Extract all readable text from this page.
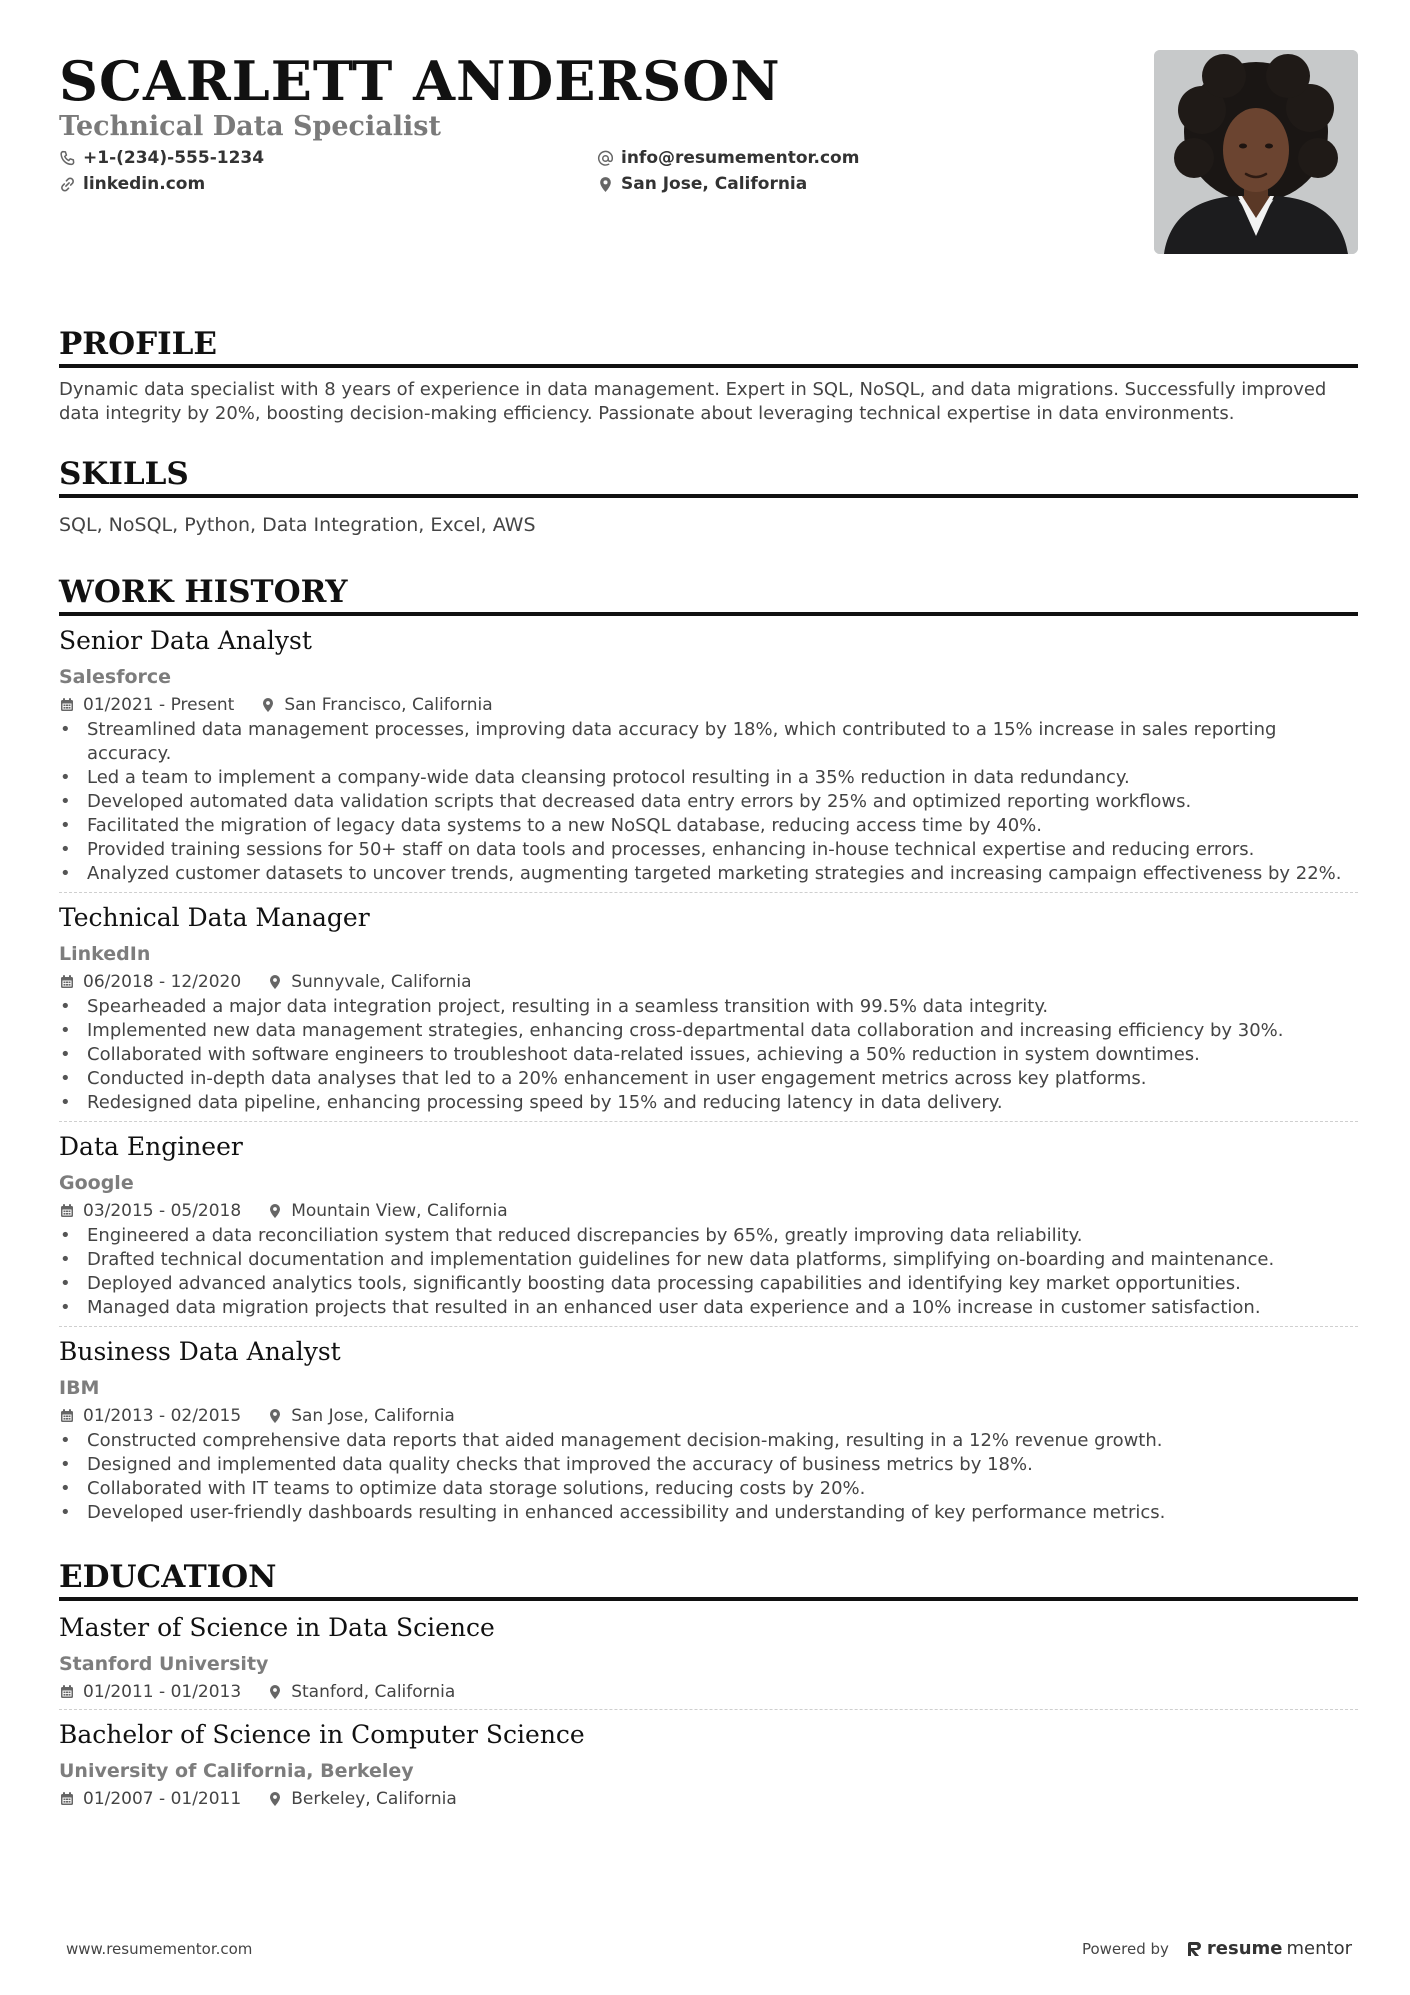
SCARLETT ANDERSON
Technical Data Specialist
+1-(234)-555-1234
linkedin.com
info@resumementor.com
San Jose, California
PROFILE

Dynamic data specialist with 8 years of experience in data management. Expert in SQL, NoSQL, and data migrations. Successfully improved data integrity by 20%, boosting decision-making efficiency. Passionate about leveraging technical expertise in data environments.

SKILLS

SQL, NoSQL, Python, Data Integration, Excel, AWS

WORK HISTORY
Senior Data Analyst
Salesforce
01/2021 - Present	San Francisco, California
• Streamlined data management processes, improving data accuracy by 18%, which contributed to a 15% increase in sales reporting accuracy.
• Led a team to implement a company-wide data cleansing protocol resulting in a 35% reduction in data redundancy.
• Developed automated data validation scripts that decreased data entry errors by 25% and optimized reporting workflows.
• Facilitated the migration of legacy data systems to a new NoSQL database, reducing access time by 40%.
• Provided training sessions for 50+ staff on data tools and processes, enhancing in-house technical expertise and reducing errors.
• Analyzed customer datasets to uncover trends, augmenting targeted marketing strategies and increasing campaign effectiveness by 22%.
Technical Data Manager
LinkedIn
06/2018 - 12/2020	Sunnyvale, California
• Spearheaded a major data integration project, resulting in a seamless transition with 99.5% data integrity.
• Implemented new data management strategies, enhancing cross-departmental data collaboration and increasing efficiency by 30%.
• Collaborated with software engineers to troubleshoot data-related issues, achieving a 50% reduction in system downtimes.
• Conducted in-depth data analyses that led to a 20% enhancement in user engagement metrics across key platforms.
• Redesigned data pipeline, enhancing processing speed by 15% and reducing latency in data delivery.
Data Engineer
Google
03/2015 - 05/2018	Mountain View, California
• Engineered a data reconciliation system that reduced discrepancies by 65%, greatly improving data reliability.
• Drafted technical documentation and implementation guidelines for new data platforms, simplifying on-boarding and maintenance.
• Deployed advanced analytics tools, significantly boosting data processing capabilities and identifying key market opportunities.
• Managed data migration projects that resulted in an enhanced user data experience and a 10% increase in customer satisfaction.
Business Data Analyst
IBM
01/2013 - 02/2015	San Jose, California
• Constructed comprehensive data reports that aided management decision-making, resulting in a 12% revenue growth.
• Designed and implemented data quality checks that improved the accuracy of business metrics by 18%.
• Collaborated with IT teams to optimize data storage solutions, reducing costs by 20%.
• Developed user-friendly dashboards resulting in enhanced accessibility and understanding of key performance metrics.
EDUCATION
Master of Science in Data Science
Stanford University
01/2011 - 01/2013	Stanford, California
Bachelor of Science in Computer Science
University of California, Berkeley
01/2007 - 01/2011	Berkeley, California
www.resumementor.com	Powered by resume mentor
